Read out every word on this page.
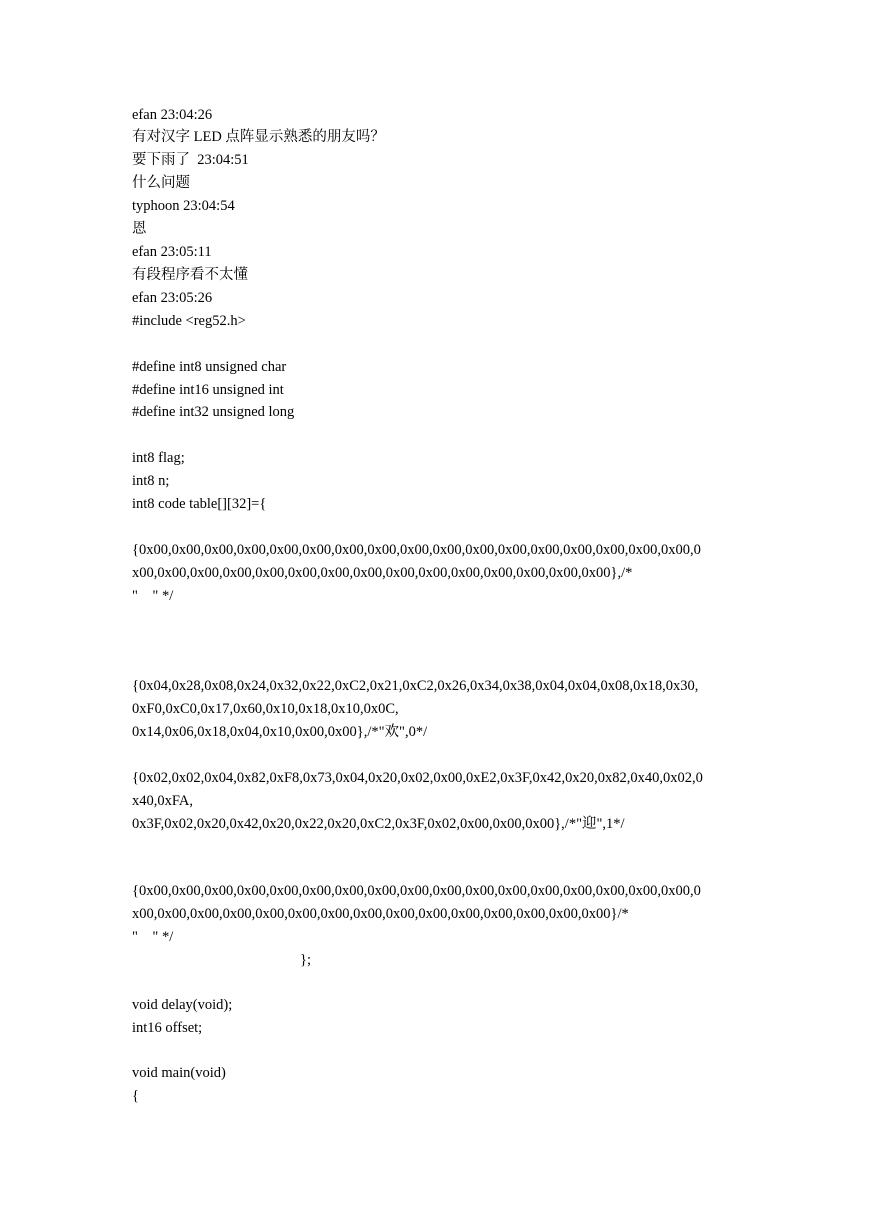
efan 23:04:26
有对汉字 LED 点阵显示熟悉的朋友吗？
要下雨了  23:04:51
什么问题
typhoon 23:04:54
恩
efan 23:05:11
有段程序看不太懂
efan 23:05:26
#include <reg52.h>
#define int8 unsigned char
#define int16 unsigned int
#define int32 unsigned long
int8 flag;
int8 n;
int8 code table[][32]={
{0x00,0x00,0x00,0x00,0x00,0x00,0x00,0x00,0x00,0x00,0x00,0x00,0x00,0x00,0x00,0x00,0x00,0
x00,0x00,0x00,0x00,0x00,0x00,0x00,0x00,0x00,0x00,0x00,0x00,0x00,0x00,0x00},/*
"    " */
{0x04,0x28,0x08,0x24,0x32,0x22,0xC2,0x21,0xC2,0x26,0x34,0x38,0x04,0x04,0x08,0x18,0x30,
0xF0,0xC0,0x17,0x60,0x10,0x18,0x10,0x0C,
0x14,0x06,0x18,0x04,0x10,0x00,0x00},/*"欢",0*/
{0x02,0x02,0x04,0x82,0xF8,0x73,0x04,0x20,0x02,0x00,0xE2,0x3F,0x42,0x20,0x82,0x40,0x02,0
x40,0xFA,
0x3F,0x02,0x20,0x42,0x20,0x22,0x20,0xC2,0x3F,0x02,0x00,0x00,0x00},/*"迎",1*/
{0x00,0x00,0x00,0x00,0x00,0x00,0x00,0x00,0x00,0x00,0x00,0x00,0x00,0x00,0x00,0x00,0x00,0
x00,0x00,0x00,0x00,0x00,0x00,0x00,0x00,0x00,0x00,0x00,0x00,0x00,0x00,0x00}/*
"    " */
};
void delay(void);
int16 offset;
void main(void)
{
